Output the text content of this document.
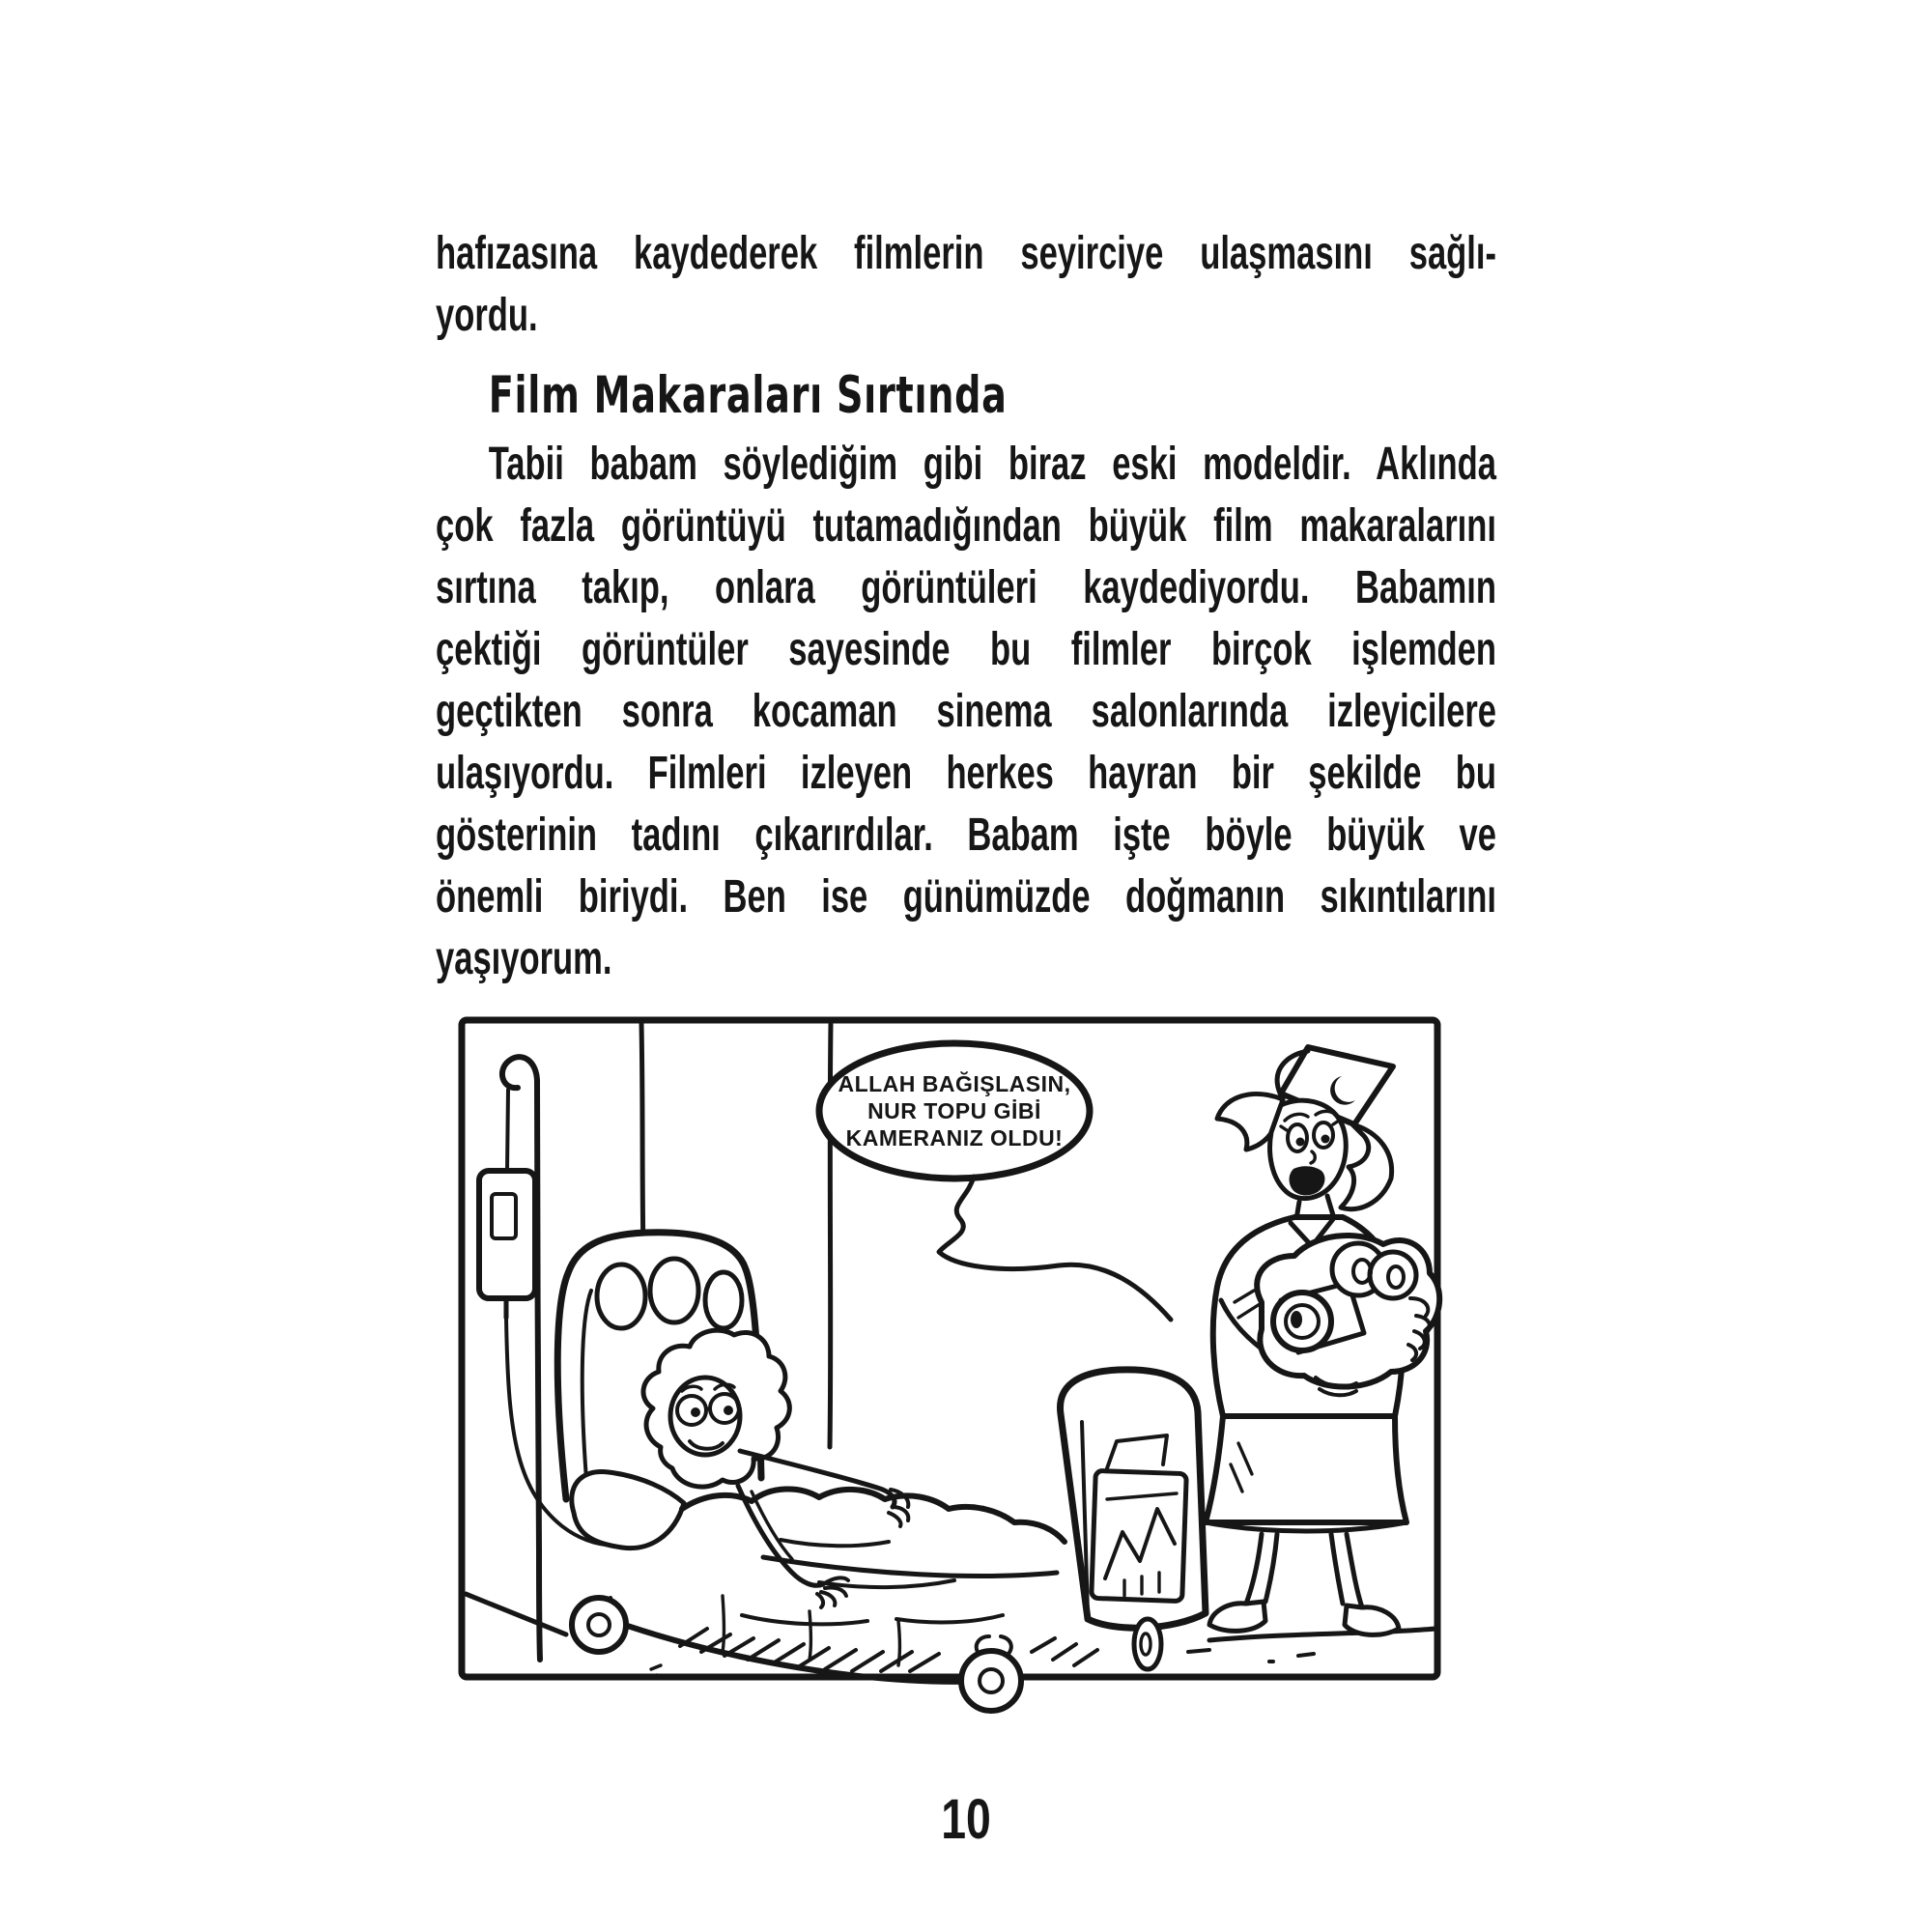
hafızasına kaydederek filmlerin seyirciye ulaşmasını sağlı-
yordu.
Film Makaraları Sırtında
Tabii babam söylediğim gibi biraz eski modeldir. Aklında
çok fazla görüntüyü tutamadığından büyük film makaralarını
sırtına takıp, onlara görüntüleri kaydediyordu. Babamın
çektiği görüntüler sayesinde bu filmler birçok işlemden
geçtikten sonra kocaman sinema salonlarında izleyicilere
ulaşıyordu. Filmleri izleyen herkes hayran bir şekilde bu
gösterinin tadını çıkarırdılar. Babam işte böyle büyük ve
önemli biriydi. Ben ise günümüzde doğmanın sıkıntılarını
yaşıyorum.
ALLAH BAĞIŞLASIN,
NUR TOPU GİBİ
KAMERANIZ OLDU!
10
